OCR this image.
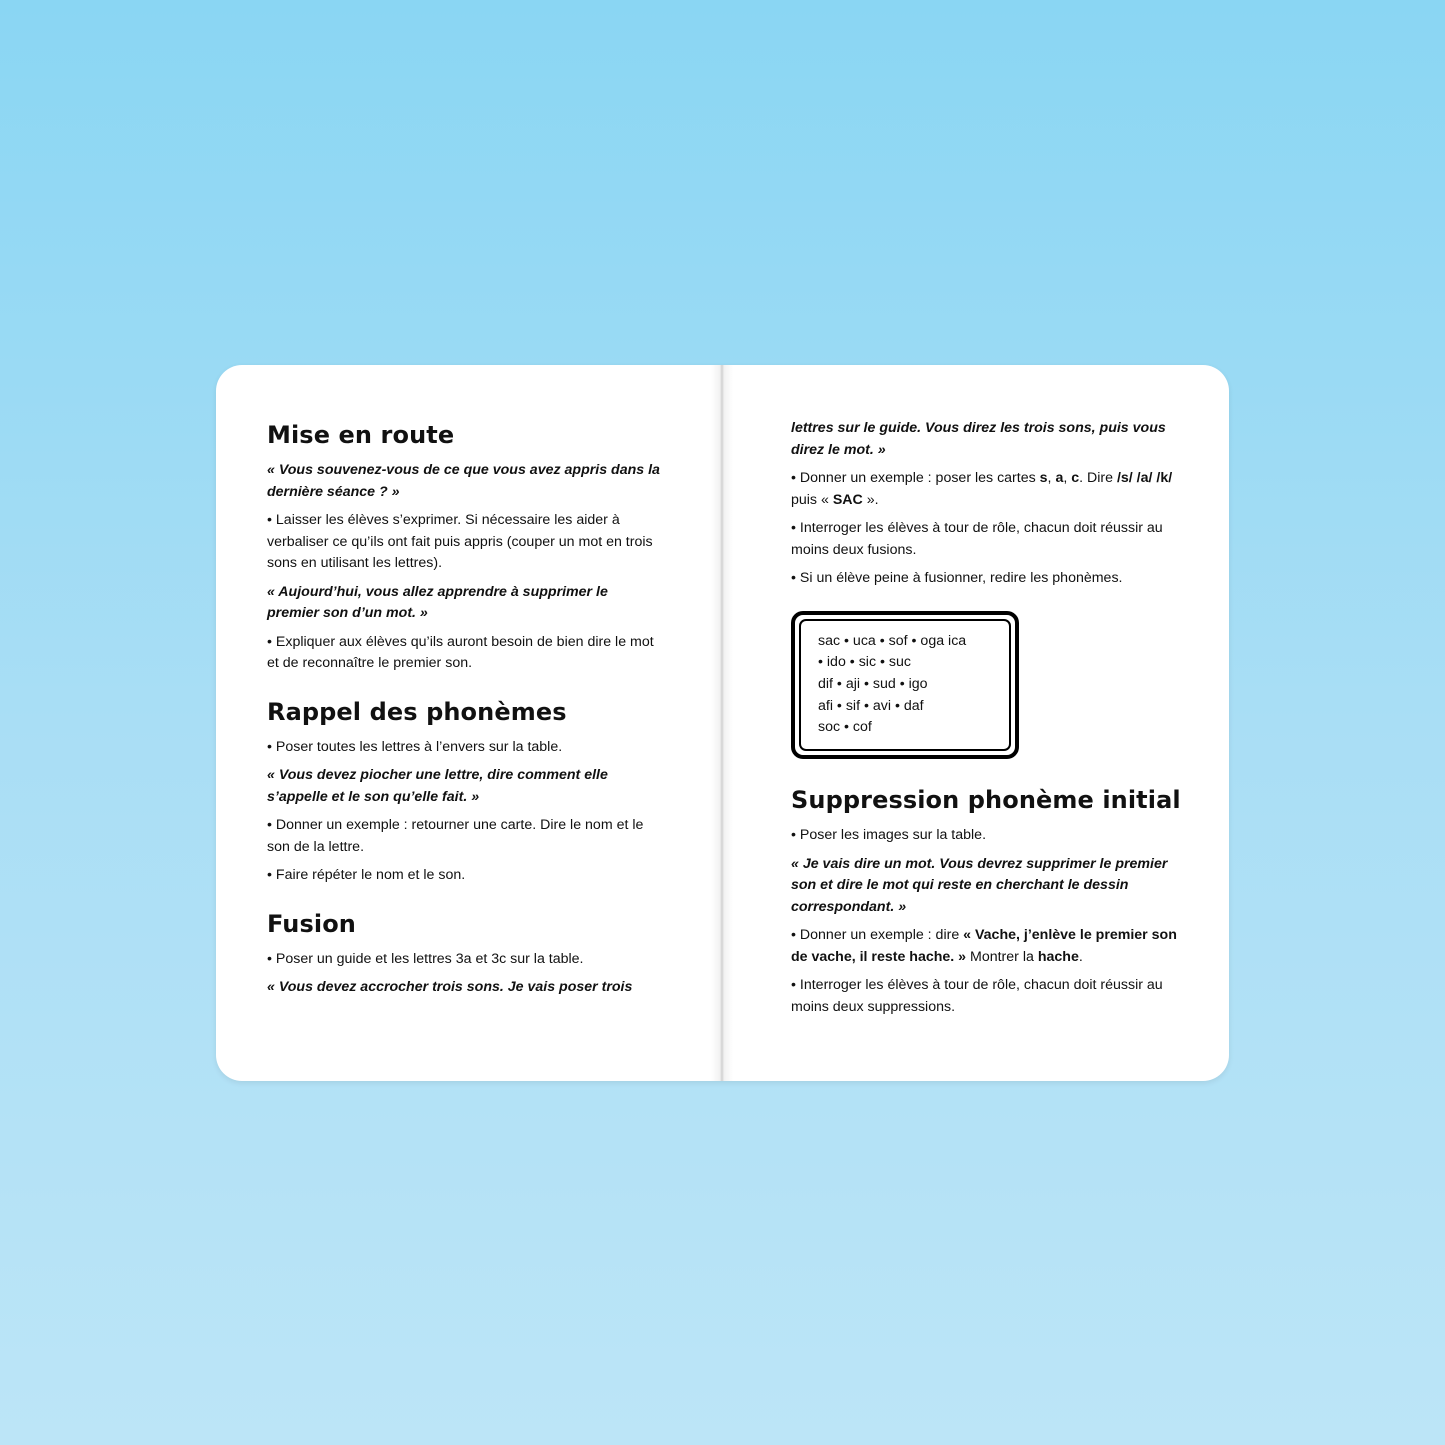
Mise en route

« Vous souvenez-vous de ce que vous avez appris dans la dernière séance ? »

• Laisser les élèves s’exprimer. Si nécessaire les aider à verbaliser ce qu’ils ont fait puis appris (couper un mot en trois sons en utilisant les lettres).

« Aujourd’hui, vous allez apprendre à supprimer le premier son d’un mot. »

• Expliquer aux élèves qu’ils auront besoin de bien dire le mot et de reconnaître le premier son.

Rappel des phonèmes

• Poser toutes les lettres à l’envers sur la table.

« Vous devez piocher une lettre, dire comment elle s’appelle et le son qu’elle fait. »

• Donner un exemple : retourner une carte. Dire le nom et le son de la lettre.

• Faire répéter le nom et le son.

Fusion

• Poser un guide et les lettres 3a et 3c sur la table.

« Vous devez accrocher trois sons. Je vais poser trois

lettres sur le guide. Vous direz les trois sons, puis vous direz le mot. »

• Donner un exemple : poser les cartes s, a, c. Dire /s/ /a/ /k/ puis « SAC ».

• Interroger les élèves à tour de rôle, chacun doit réussir au moins deux fusions.

• Si un élève peine à fusionner, redire les phonèmes.

sac • uca • sof • oga ica
• ido • sic • suc
dif • aji • sud • igo
afi • sif • avi • daf
soc • cof
Suppression phonème initial

• Poser les images sur la table.

« Je vais dire un mot. Vous devrez supprimer le premier son et dire le mot qui reste en cherchant le dessin correspondant. »

• Donner un exemple : dire « Vache, j’enlève le premier son de vache, il reste hache. » Montrer la hache.

• Interroger les élèves à tour de rôle, chacun doit réussir au moins deux suppressions.
